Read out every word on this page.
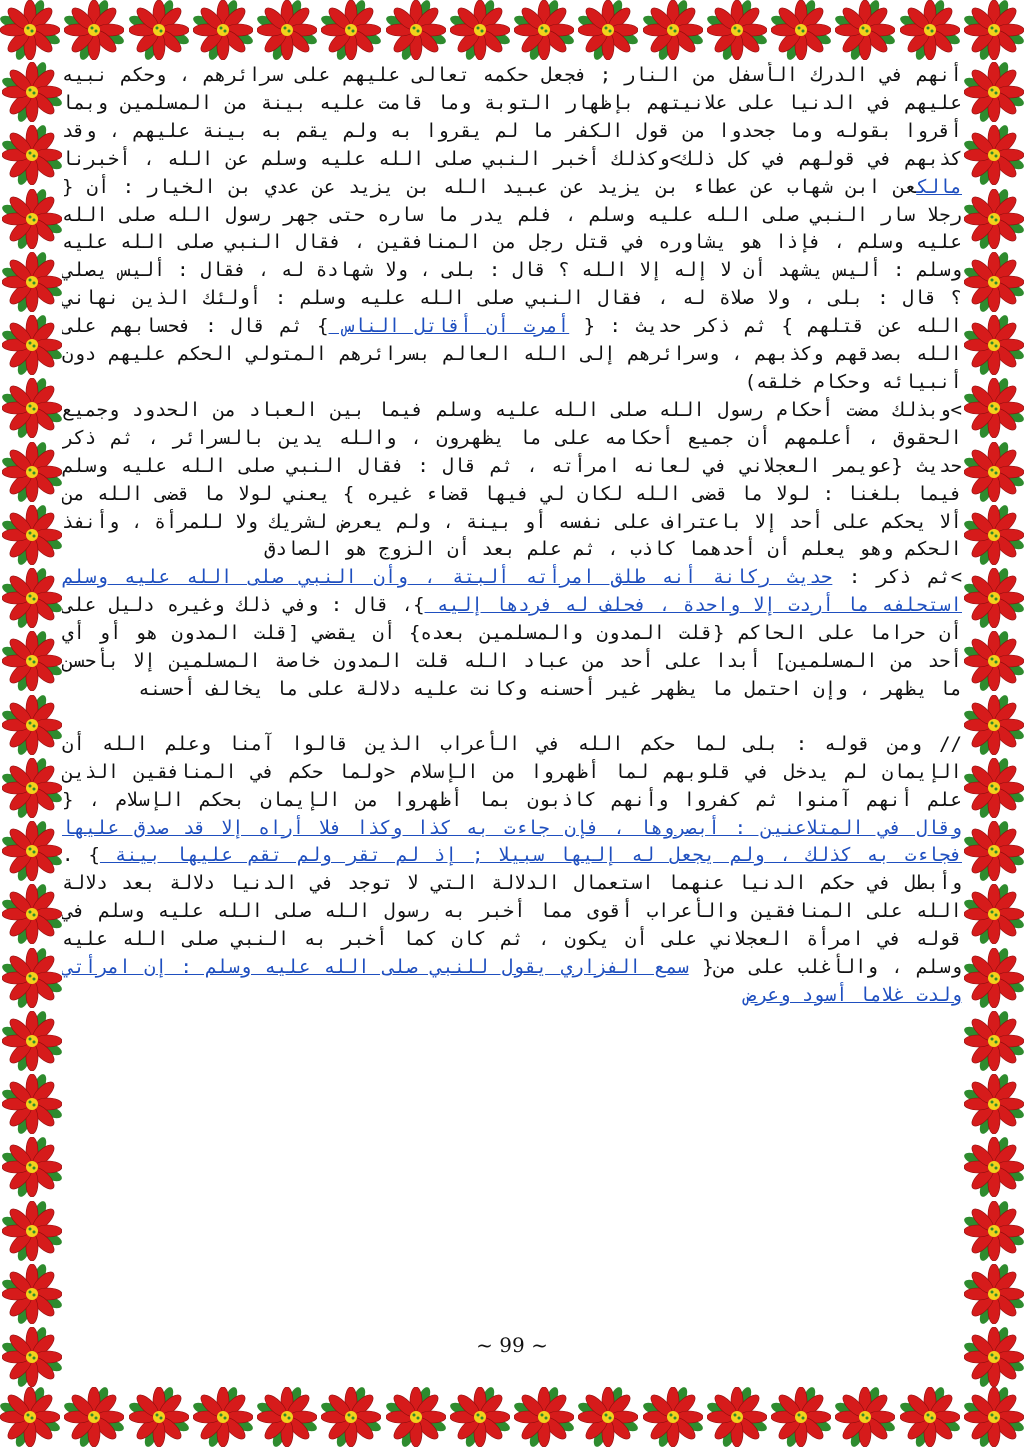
أنهم في الدرك الأسفل من النار ; فجعل حكمه تعالى عليهم على سرائرهم ، وحكم نبيه عليهم في الدنيا على علانيتهم بإظهار التوبة وما قامت عليه بينة من المسلمين وبما أقروا بقوله وما جحدوا من قول الكفر ما لم يقروا به ولم يقم به بينة عليهم ، وقد كذبهم في قولهم في كل ذلك>وكذلك أخبر النبي صلى الله عليه وسلم عن الله ، أخبرنا مالكعن ابن شهاب عن عطاء بن يزيد عن عبيد الله بن يزيد عن عدي بن الخيار : أن { رجلا سار النبي صلى الله عليه وسلم ، فلم يدر ما ساره حتى جهر رسول الله صلى الله عليه وسلم ، فإذا هو يشاوره في قتل رجل من المنافقين ، فقال النبي صلى الله عليه وسلم : أليس يشهد أن لا إله إلا الله ؟ قال : بلى ، ولا شهادة له ، فقال : أليس يصلي ؟ قال : بلى ، ولا صلاة له ، فقال النبي صلى الله عليه وسلم : أولئك الذين نهاني الله عن قتلهم } ثم ذكر حديث : { أمرت أن أقاتل الناس } ثم قال : فحسابهم على الله بصدقهم وكذبهم ، وسرائرهم إلى الله العالم بسرائرهم المتولي الحكم عليهم دون أنبيائه وحكام خلقه)

>وبذلك مضت أحكام رسول الله صلى الله عليه وسلم فيما بين العباد من الحدود وجميع الحقوق ، أعلمهم أن جميع أحكامه على ما يظهرون ، والله يدين بالسرائر ، ثم ذكر حديث {عويمر العجلاني في لعانه امرأته ، ثم قال : فقال النبي صلى الله عليه وسلم فيما بلغنا : لولا ما قضى الله لكان لي فيها قضاء غيره } يعني لولا ما قضى الله من ألا يحكم على أحد إلا باعتراف على نفسه أو بينة ، ولم يعرض لشريك ولا للمرأة ، وأنفذ الحكم وهو يعلم أن أحدهما كاذب ، ثم علم بعد أن الزوج هو الصادق

>ثم ذكر : حديث ركانة أنه طلق امرأته ألبتة ، وأن النبي صلى الله عليه وسلم استحلفه ما أردت إلا واحدة ، فحلف له فردها إليه }، قال : وفي ذلك وغيره دليل على أن حراما على الحاكم {قلت المدون والمسلمين بعده} أن يقضي [قلت المدون هو أو أي أحد من المسلمين] أبدا على أحد من عباد الله قلت المدون خاصة المسلمين إلا بأحسن ما يظهر ، وإن احتمل ما يظهر غير أحسنه وكانت عليه دلالة على ما يخالف أحسنه

// ومن قوله : بلى لما حكم الله في الأعراب الذين قالوا آمنا وعلم الله أن الإيمان لم يدخل في قلوبهم لما أظهروا من الإسلام <ولما حكم في المنافقين الذين علم أنهم آمنوا ثم كفروا وأنهم كاذبون بما أظهروا من الإيمان بحكم الإسلام ، { وقال في المتلاعنين : أبصروها ، فإن جاءت به كذا وكذا فلا أراه إلا قد صدق عليها فجاءت به كذلك ، ولم يجعل له إليها سبيلا ; إذ لم تقر ولم تقم عليها بينة } . وأبطل في حكم الدنيا عنهما استعمال الدلالة التي لا توجد في الدنيا دلالة بعد دلالة الله على المنافقين والأعراب أقوى مما أخبر به رسول الله صلى الله عليه وسلم في قوله في امرأة العجلاني على أن يكون ، ثم كان كما أخبر به النبي صلى الله عليه وسلم ، والأغلب على من{ سمع الفزاري يقول للنبي صلى الله عليه وسلم : إن امرأتي ولدت غلاما أسود وعرض

~ 99 ~
